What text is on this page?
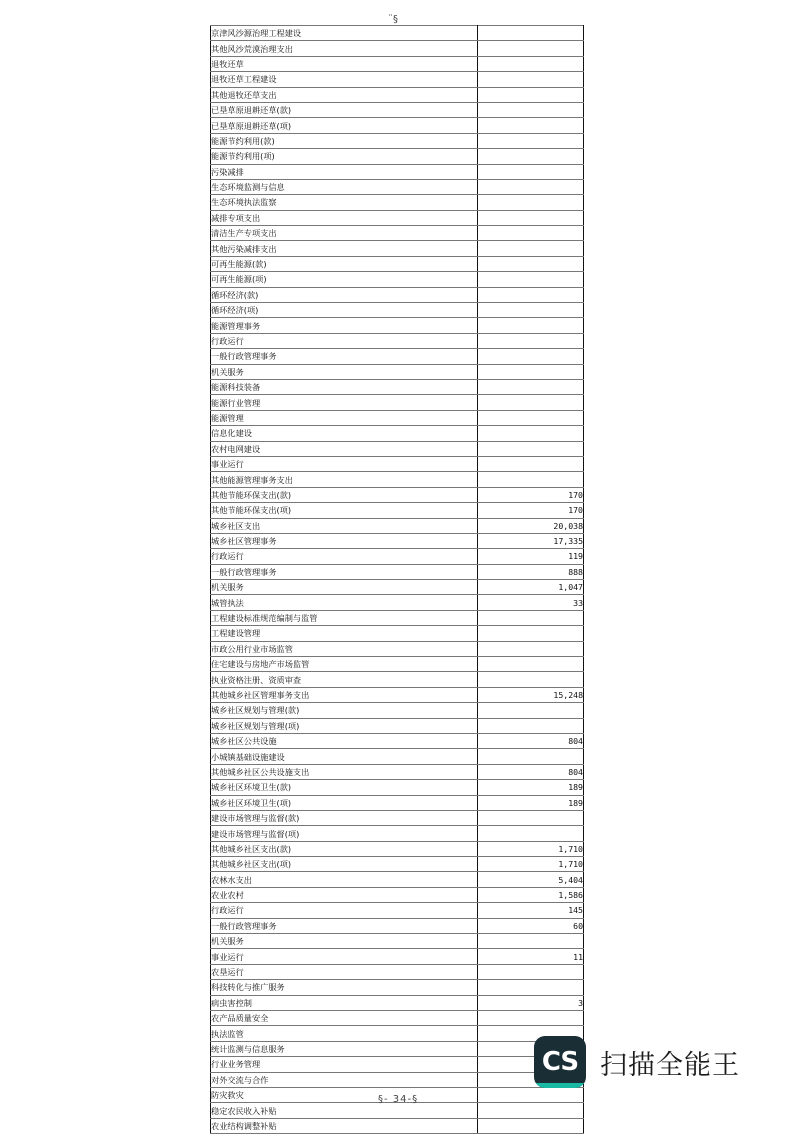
¨§
京津风沙源治理工程建设	
其他风沙荒漠治理支出	
退牧还草	
退牧还草工程建设	
其他退牧还草支出	
已垦草原退耕还草(款)	
已垦草原退耕还草(项)	
能源节约利用(款)	
能源节约利用(项)	
污染减排	
生态环境监测与信息	
生态环境执法监察	
减排专项支出	
清洁生产专项支出	
其他污染减排支出	
可再生能源(款)	
可再生能源(项)	
循环经济(款)	
循环经济(项)	
能源管理事务	
行政运行	
一般行政管理事务	
机关服务	
能源科技装备	
能源行业管理	
能源管理	
信息化建设	
农村电网建设	
事业运行	
其他能源管理事务支出	
其他节能环保支出(款)	170
其他节能环保支出(项)	170
城乡社区支出	20,038
城乡社区管理事务	17,335
行政运行	119
一般行政管理事务	888
机关服务	1,047
城管执法	33
工程建设标准规范编制与监管	
工程建设管理	
市政公用行业市场监管	
住宅建设与房地产市场监管	
执业资格注册、资质审查	
其他城乡社区管理事务支出	15,248
城乡社区规划与管理(款)	
城乡社区规划与管理(项)	
城乡社区公共设施	804
小城镇基础设施建设	
其他城乡社区公共设施支出	804
城乡社区环境卫生(款)	189
城乡社区环境卫生(项)	189
建设市场管理与监督(款)	
建设市场管理与监督(项)	
其他城乡社区支出(款)	1,710
其他城乡社区支出(项)	1,710
农林水支出	5,404
农业农村	1,586
行政运行	145
一般行政管理事务	60
机关服务	
事业运行	11
农垦运行	
科技转化与推广服务	
病虫害控制	3
农产品质量安全	
执法监管	
统计监测与信息服务	
行业业务管理	
对外交流与合作	
防灾救灾	
稳定农民收入补贴	
农业结构调整补贴	
§- 34-§
CS 扫描全能王
